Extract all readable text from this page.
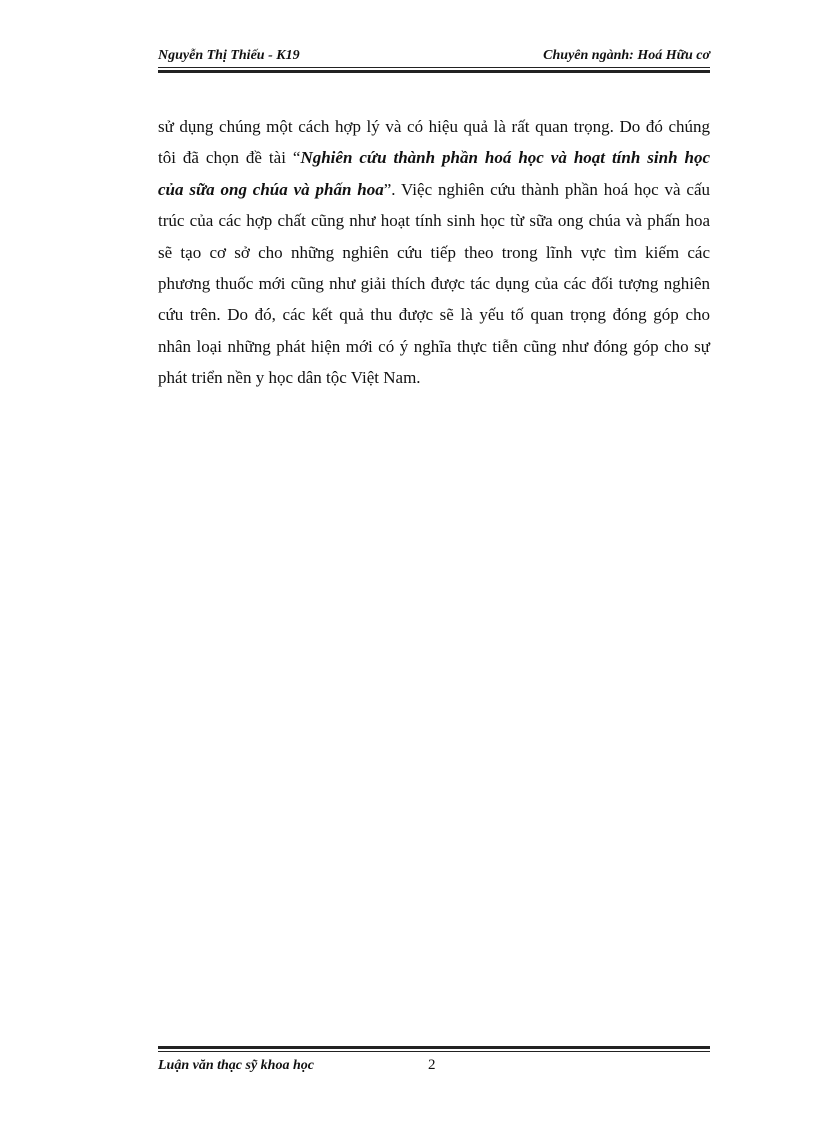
Nguyễn Thị Thiếu - K19	Chuyên ngành: Hoá Hữu cơ
sử dụng chúng một cách hợp lý và có hiệu quả là rất quan trọng. Do đó chúng
tôi đã chọn đề tài “Nghiên cứu thành phần hoá học và hoạt tính sinh học
của sữa ong chúa và phấn hoa”. Việc nghiên cứu thành phần hoá học và cấu
trúc của các hợp chất cũng như hoạt tính sinh học từ sữa ong chúa và phấn hoa
sẽ tạo cơ sở cho những nghiên cứu tiếp theo trong lĩnh vực tìm kiếm các
phương thuốc mới cũng như giải thích được tác dụng của các đối tượng nghiên
cứu trên. Do đó, các kết quả thu được sẽ là yếu tố quan trọng đóng góp cho
nhân loại những phát hiện mới có ý nghĩa thực tiễn cũng như đóng góp cho sự
phát triển nền y học dân tộc Việt Nam.
Luận văn thạc sỹ khoa học	2
